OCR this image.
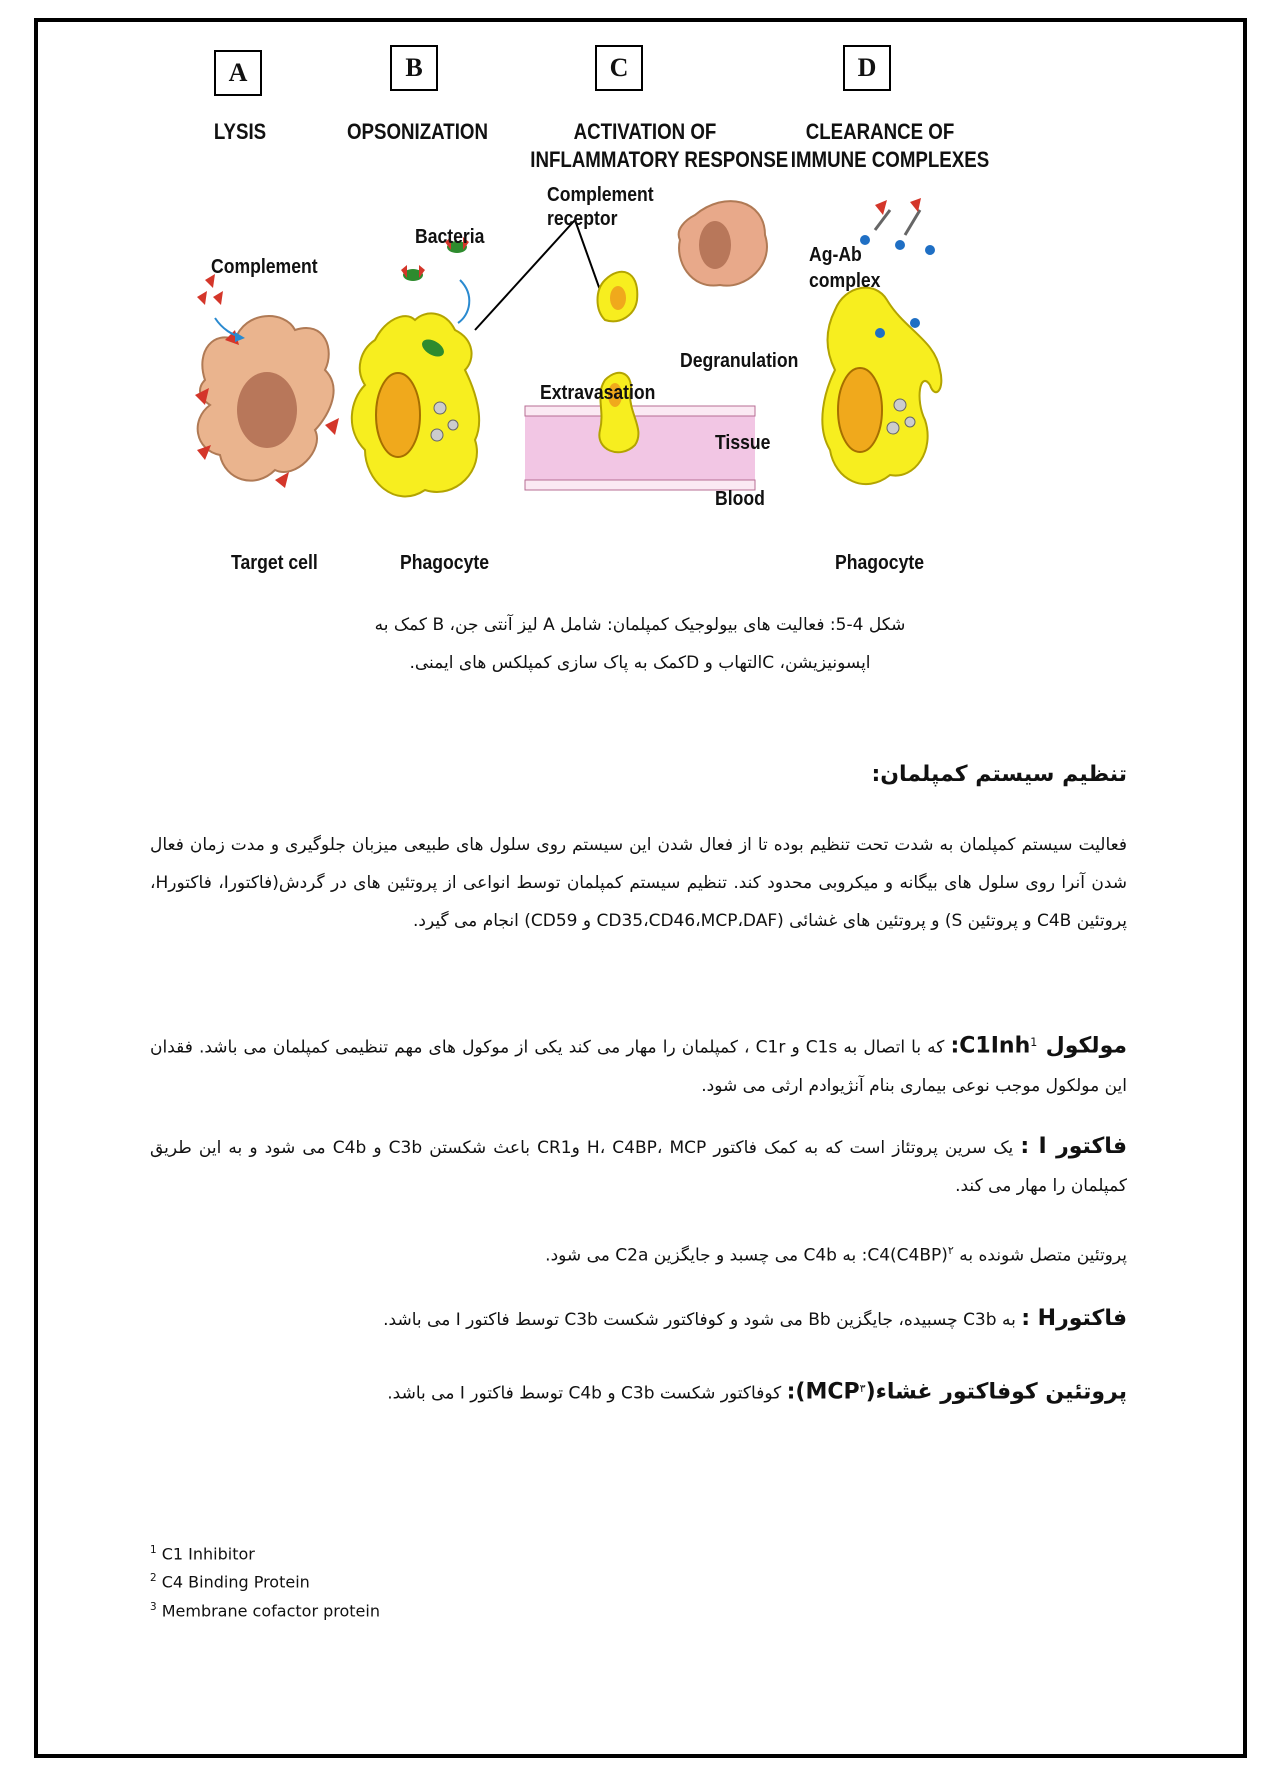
A	B	C	D
LYSIS	OPSONIZATION	ACTIVATION OF
INFLAMMATORY RESPONSE
CLEARANCE OF
IMMUNE COMPLEXES
Complement
Target cell
Bacteria
Phagocyte
Complement
receptor
Degranulation
Extravasation
Tissue
Blood
Ag-Ab
complex
Phagocyte
شکل 4-5: فعالیت های بیولوجیک کمپلمان: شامل A لیز آنتی جن، B کمک به
اپسونیزیشن، Cالتهاب و Dکمک به پاک سازی کمپلکس های ایمنی.
تنظیم سیستم کمپلمان:
فعالیت سیستم کمپلمان به شدت تحت تنظیم بوده تا از فعال شدن این سیستم روی سلول های طبیعی میزبان جلوگیری و مدت زمان فعال شدن آنرا روی سلول های بیگانه و میکروبی محدود کند. تنظیم سیستم کمپلمان توسط انواعی از پروتئین های در گردش(فاکتورI، فاکتورH، پروتئین C4B و پروتئین S) و پروتئین های غشائی (CD35،CD46،MCP،DAF و CD59) انجام می گیرد.
مولکول C1Inh$^1$: که با اتصال به C1s و C1r ، کمپلمان را مهار می کند یکی از موکول های مهم تنظیمی کمپلمان می باشد. فقدان این مولکول موجب نوعی بیماری بنام آنژیوادم ارثی می شود.
فاکتور I : یک سرین پروتئاز است که به کمک فاکتور H، C4BP، MCP وCR1 باعث شکستن C3b و C4b می شود و به این طریق کمپلمان را مهار می کند.
پروتئین متصل شونده به $C4(C4BP)^۲$: به C4b می چسبد و جایگزین C2a می شود.
فاکتورH : به C3b چسبیده، جایگزین Bb می شود و کوفاکتور شکست C3b توسط فاکتور I می باشد.
پروتئین کوفاکتور غشاء(MCP$^۳$): کوفاکتور شکست C3b و C4b توسط فاکتور I می باشد.
$^1$ C1 Inhibitor
$^2$ C4 Binding Protein
$^3$ Membrane cofactor protein
